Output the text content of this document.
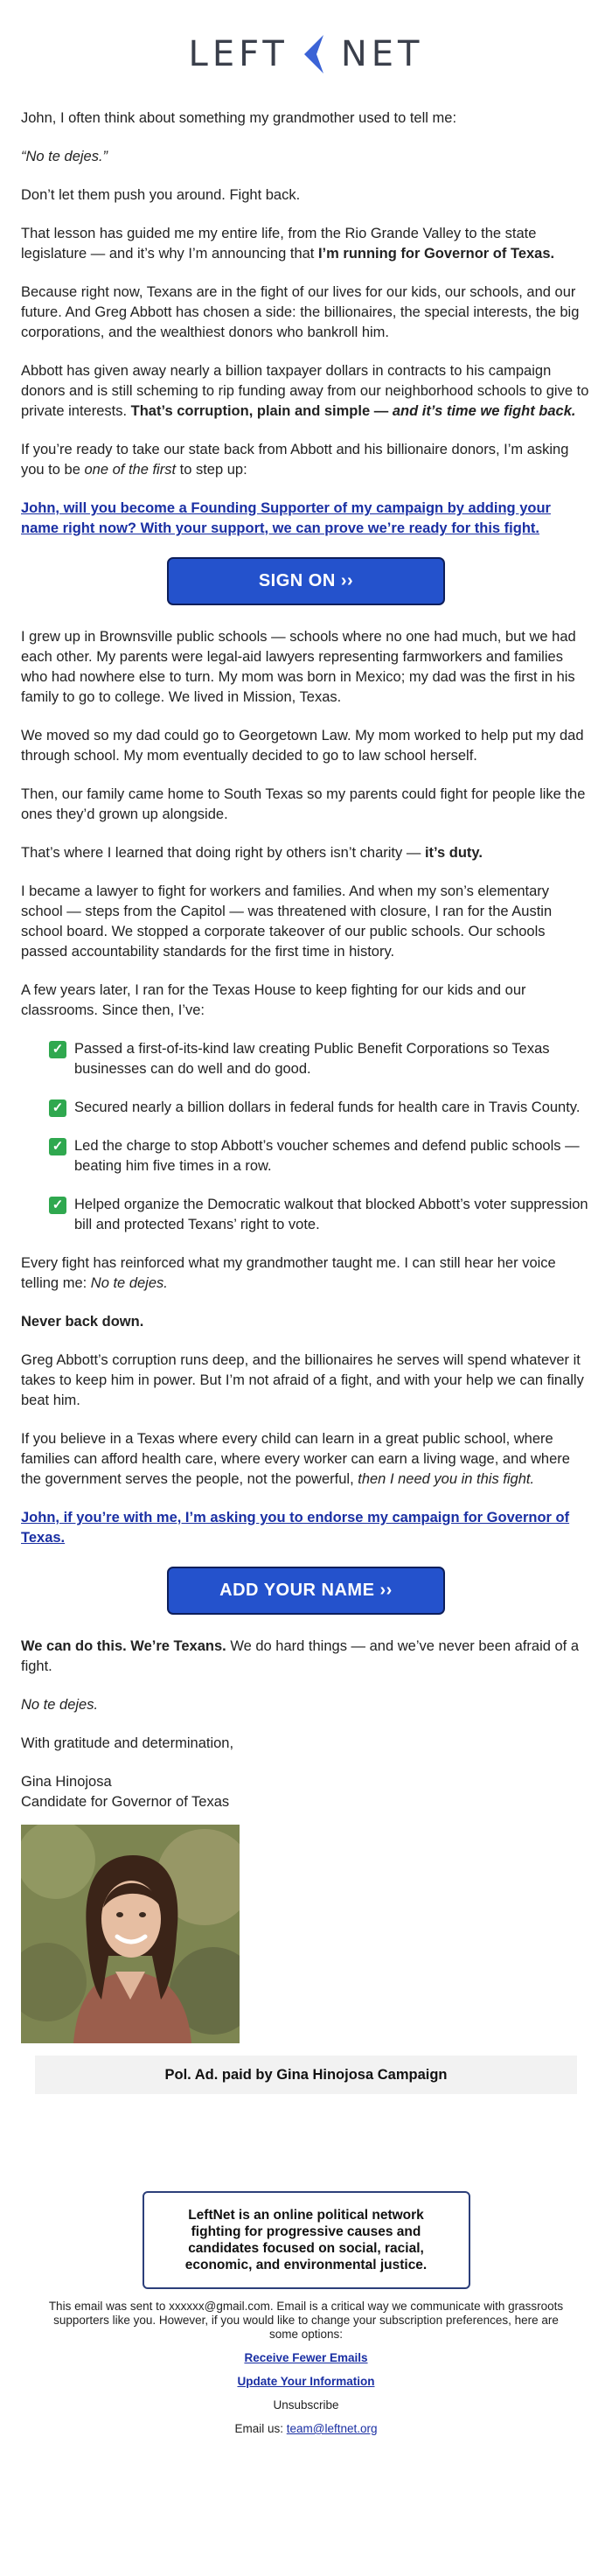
LEFT NET

John, I often think about something my grandmother used to tell me:

“No te dejes.”

Don’t let them push you around. Fight back.

That lesson has guided me my entire life, from the Rio Grande Valley to the state legislature — and it’s why I’m announcing that I’m running for Governor of Texas.

Because right now, Texans are in the fight of our lives for our kids, our schools, and our future. And Greg Abbott has chosen a side: the billionaires, the special interests, the big corporations, and the wealthiest donors who bankroll him.

Abbott has given away nearly a billion taxpayer dollars in contracts to his campaign donors and is still scheming to rip funding away from our neighborhood schools to give to private interests. That’s corruption, plain and simple — and it’s time we fight back.

If you’re ready to take our state back from Abbott and his billionaire donors, I’m asking you to be one of the first to step up:

John, will you become a Founding Supporter of my campaign by adding your name right now? With your support, we can prove we’re ready for this fight.

SIGN ON ››

I grew up in Brownsville public schools — schools where no one had much, but we had each other. My parents were legal-aid lawyers representing farmworkers and families who had nowhere else to turn. My mom was born in Mexico; my dad was the first in his family to go to college. We lived in Mission, Texas.

We moved so my dad could go to Georgetown Law. My mom worked to help put my dad through school. My mom eventually decided to go to law school herself.

Then, our family came home to South Texas so my parents could fight for people like the ones they’d grown up alongside.

That’s where I learned that doing right by others isn’t charity — it’s duty.

I became a lawyer to fight for workers and families. And when my son’s elementary school — steps from the Capitol — was threatened with closure, I ran for the Austin school board. We stopped a corporate takeover of our public schools. Our schools passed accountability standards for the first time in history.

A few years later, I ran for the Texas House to keep fighting for our kids and our classrooms. Since then, I’ve:

✓ Passed a first-of-its-kind law creating Public Benefit Corporations so Texas businesses can do well and do good.
✓ Secured nearly a billion dollars in federal funds for health care in Travis County.
✓ Led the charge to stop Abbott’s voucher schemes and defend public schools — beating him five times in a row.
✓ Helped organize the Democratic walkout that blocked Abbott’s voter suppression bill and protected Texans’ right to vote.

Every fight has reinforced what my grandmother taught me. I can still hear her voice telling me: No te dejes.

Never back down.

Greg Abbott’s corruption runs deep, and the billionaires he serves will spend whatever it takes to keep him in power. But I’m not afraid of a fight, and with your help we can finally beat him.

If you believe in a Texas where every child can learn in a great public school, where families can afford health care, where every worker can earn a living wage, and where the government serves the people, not the powerful, then I need you in this fight.

John, if you’re with me, I’m asking you to endorse my campaign for Governor of Texas.

ADD YOUR NAME ››

We can do this. We’re Texans. We do hard things — and we’ve never been afraid of a fight.

No te dejes.

With gratitude and determination,

Gina Hinojosa
Candidate for Governor of Texas

Pol. Ad. paid by Gina Hinojosa Campaign
LeftNet is an online political network fighting for progressive causes and candidates focused on social, racial, economic, and environmental justice.
This email was sent to xxxxxx@gmail.com. Email is a critical way we communicate with grassroots supporters like you. However, if you would like to change your subscription preferences, here are some options:
Receive Fewer Emails
Update Your Information
Unsubscribe
Email us: team@leftnet.org
